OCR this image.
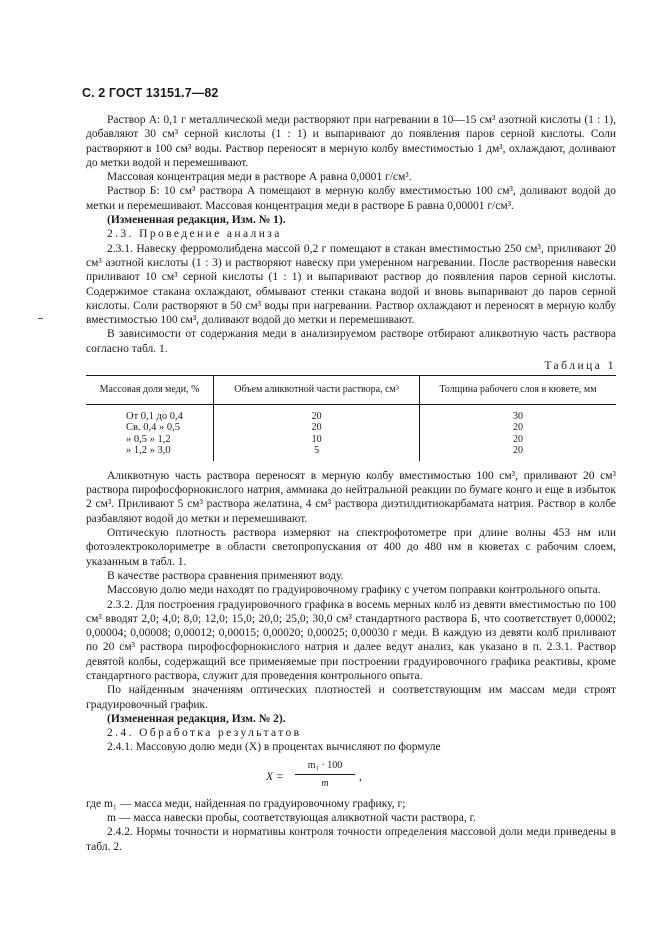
С. 2 ГОСТ 13151.7—82

Раствор А: 0,1 г металлической меди растворяют при нагревании в 10—15 см³ азотной кислоты (1 : 1), добавляют 30 см³ серной кислоты (1 : 1) и выпаривают до появления паров серной кислоты. Соли растворяют в 100 см³ воды. Раствор переносят в мерную колбу вместимостью 1 дм³, охлаждают, доливают до метки водой и перемешивают.

Массовая концентрация меди в растворе А равна 0,0001 г/см³.

Раствор Б: 10 см³ раствора А помещают в мерную колбу вместимостью 100 см³, доливают водой до метки и перемешивают. Массовая концентрация меди в растворе Б равна 0,00001 г/см³.

(Измененная редакция, Изм. № 1).

2.3. Проведение анализа

2.3.1. Навеску ферромолибдена массой 0,2 г помещают в стакан вместимостью 250 см³, приливают 20 см³ азотной кислоты (1 : 3) и растворяют навеску при умеренном нагревании. После растворения навески приливают 10 см³ серной кислоты (1 : 1) и выпаривают раствор до появления паров серной кислоты. Содержимое стакана охлаждают, обмывают стенки стакана водой и вновь выпаривают до паров серной кислоты. Соли растворяют в 50 см³ воды при нагревании. Раствор охлаждают и переносят в мерную колбу вместимостью 100 см³, доливают водой до метки и перемешивают.

В зависимости от содержания меди в анализируемом растворе отбирают аликвотную часть раствора согласно табл. 1.

Таблица 1
Массовая доля меди, %	Объем аликвотной части раствора, см³	Толщина рабочего слоя в кювете, мм
От 0,1 до 0,4	20	30
Св. 0,4 » 0,5	20	20
» 0,5 » 1,2	10	20
» 1,2 » 3,0	5	20

Аликвотную часть раствора переносят в мерную колбу вместимостью 100 см³, приливают 20 см³ раствора пирофосфорнокислого натрия, аммиака до нейтральной реакции по бумаге конго и еще в избыток 2 см³. Приливают 5 см³ раствора желатина, 4 см³ раствора диэтилдитиокарбамата натрия. Раствор в колбе разбавляют водой до метки и перемешивают.

Оптическую плотность раствора измеряют на спектрофотометре при длине волны 453 нм или фотоэлектроколориметре в области светопропускания от 400 до 480 нм в кюветах с рабочим слоем, указанным в табл. 1.

В качестве раствора сравнения применяют воду.

Массовую долю меди находят по градуировочному графику с учетом поправки контрольного опыта.

2.3.2. Для построения градуировочного графика в восемь мерных колб из девяти вместимостью по 100 см³ вводят 2,0; 4,0; 8,0; 12,0; 15,0; 20,0; 25,0; 30,0 см³ стандартного раствора Б, что соответствует 0,00002; 0,00004; 0,00008; 0,00012; 0,00015; 0,00020; 0,00025; 0,00030 г меди. В каждую из девяти колб приливают по 20 см³ раствора пирофосфорнокислого натрия и далее ведут анализ, как указано в п. 2.3.1. Раствор девятой колбы, содержащий все применяемые при построении градуировочного графика реактивы, кроме стандартного раствора, служит для проведения контрольного опыта.

По найденным значениям оптических плотностей и соответствующим им массам меди строят градуировочный график.

(Измененная редакция, Изм. № 2).

2.4. Обработка результатов

2.4.1. Массовую долю меди (X) в процентах вычисляют по формуле

X =
m₁ · 100
m
,

где m₁ — масса меди, найденная по градуировочному графику, г;

m — масса навески пробы, соответствующая аликвотной части раствора, г.

2.4.2. Нормы точности и нормативы контроля точности определения массовой доли меди приведены в табл. 2.
